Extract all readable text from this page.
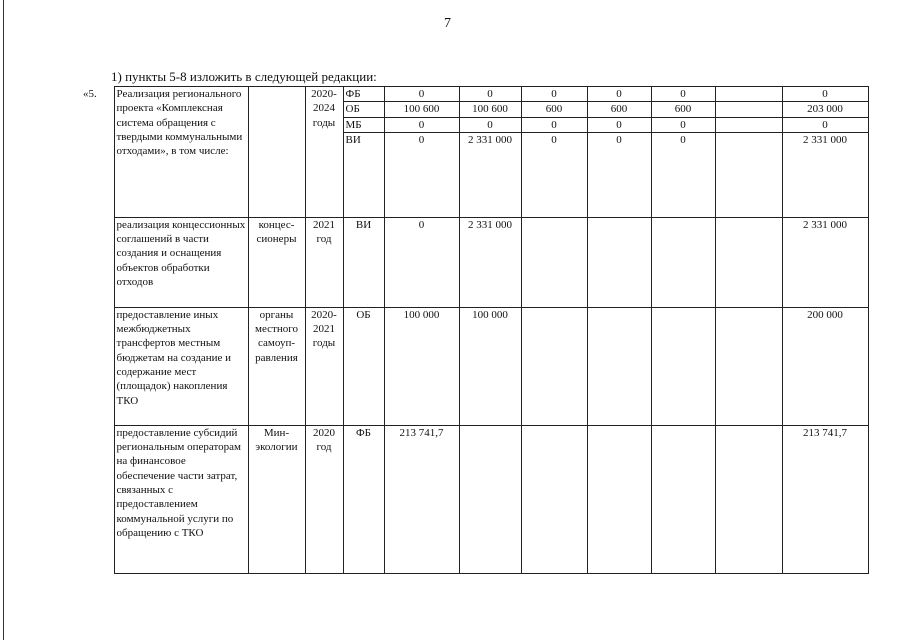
7
1) пункты 5-8 изложить в следующей редакции:
«5.	Реализация регионального проекта «Комплексная система обращения с твердыми коммунальными отходами», в том числе:		2020-2024 годы	ФБ	0	0	0	0	0		0
				ОБ	100 600	100 600	600	600	600		203 000
				МБ	0	0	0	0	0		0
				ВИ	0	2 331 000	0	0	0		2 331 000
	реализация концессионных соглашений в части создания и оснащения объектов обработки отходов	концес-сионеры	2021 год	ВИ	0	2 331 000					2 331 000
	предоставление иных межбюджетных трансфертов местным бюджетам на создание и содержание мест (площадок) накопления ТКО	органы местного самоуп-равления	2020-2021 годы	ОБ	100 000	100 000					200 000
	предоставление субсидий региональным операторам на финансовое обеспечение части затрат, связанных с предоставлением коммунальной услуги по обращению с ТКО	Мин-экологии	2020 год	ФБ	213 741,7						213 741,7
